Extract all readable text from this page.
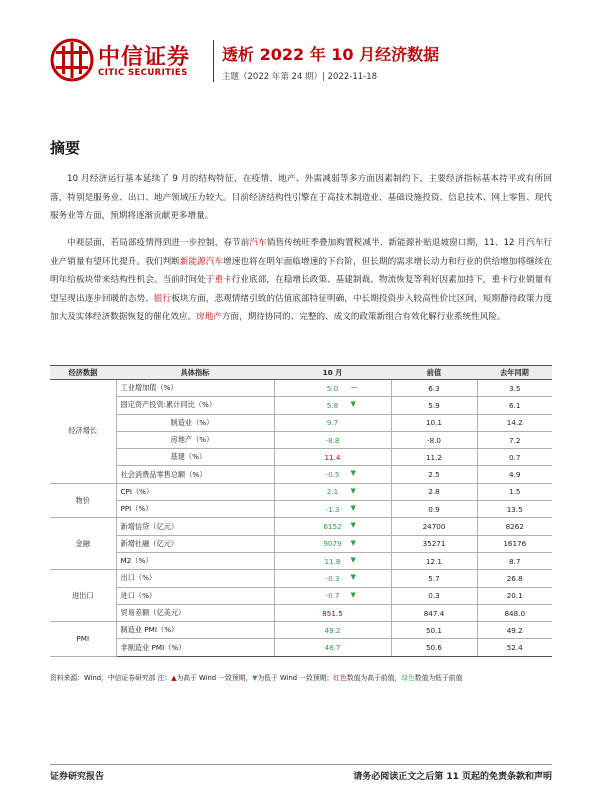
中信证券
CITIC SECURITIES
透析 2022 年 10 月经济数据
主题（2022 年第 24 期）| 2022-11-18
摘要
10 月经济运行基本延续了 9 月的结构特征，在疫情、地产、外需减弱等多方面因素制约下，主要经济指标基本持平或有所回落，特别是服务业、出口、地产领域压力较大。目前经济结构性引擎在于高技术制造业、基础设施投资、信息技术、网上零售、现代服务业等方面，预期将逐渐贡献更多增量。
中观层面，若局部疫情得到进一步控制，春节前汽车销售传统旺季叠加购置税减半、新能源补贴退坡窗口期，11、12 月汽车行业产销量有望环比提升。我们判断新能源汽车增速也将在明年面临增速的下台阶，但长期的需求增长动力和行业的供给增加将继续在明年给板块带来结构性机会。当前时间处于重卡行业底部，在稳增长政策、基建制裁、物流恢复等利好因素加持下，重卡行业销量有望呈现出逐步回暖的态势。银行板块方面，悲观情绪引致的估值底部特征明确，中长期投资步入较高性价比区间，短期静待政策力度加大及实体经济数据恢复的催化效应。房地产方面，期待协同的、完整的、成文的政策新组合有效化解行业系统性风险。
经济数据	具体指标	10 月	前值	去年同期
经济增长	工业增加值（%）	5.0 —	6.3	3.5
	固定资产投资:累计同比（%）	5.8 ▼	5.9	6.1
	制造业（%）	9.7	10.1	14.2
	房地产（%）	-8.8	-8.0	7.2
	基建（%）	11.4	11.2	0.7
	社会消费品零售总额（%）	-0.5 ▼	2.5	4.9
物价	CPI（%）	2.1 ▼	2.8	1.5
	PPI（%）	-1.3 ▼	0.9	13.5
金融	新增信贷（亿元）	6152 ▼	24700	8262
	新增社融（亿元）	9079 ▼	35271	16176
	M2（%）	11.8 ▼	12.1	8.7
进出口	出口（%）	-0.3 ▼	5.7	26.8
	进口（%）	-0.7 ▼	0.3	20.1
	贸易差额（亿美元）	851.5	847.4	848.0
PMI	制造业 PMI（%）	49.2	50.1	49.2
	非制造业 PMI（%）	48.7	50.6	52.4
资料来源：Wind，中信证券研究部 注：▲为高于 Wind 一致预期，▼为低于 Wind 一致预期；红色数值为高于前值，绿色数值为低于前值
证券研究报告	请务必阅读正文之后第 11 页起的免责条款和声明
